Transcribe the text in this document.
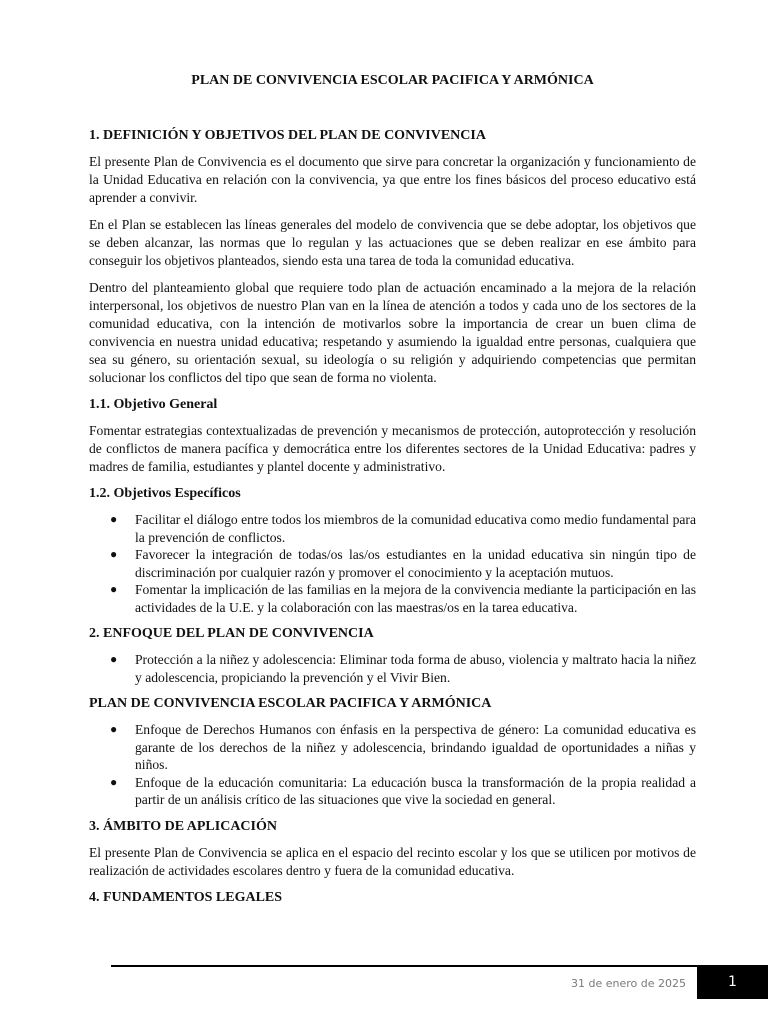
PLAN DE CONVIVENCIA ESCOLAR PACIFICA Y ARMÓNICA
1. DEFINICIÓN Y OBJETIVOS DEL PLAN DE CONVIVENCIA

El presente Plan de Convivencia es el documento que sirve para concretar la organización y funcionamiento de la Unidad Educativa en relación con la convivencia, ya que entre los fines básicos del proceso educativo está aprender a convivir.

En el Plan se establecen las líneas generales del modelo de convivencia que se debe adoptar, los objetivos que se deben alcanzar, las normas que lo regulan y las actuaciones que se deben realizar en ese ámbito para conseguir los objetivos planteados, siendo esta una tarea de toda la comunidad educativa.

Dentro del planteamiento global que requiere todo plan de actuación encaminado a la mejora de la relación interpersonal, los objetivos de nuestro Plan van en la línea de atención a todos y cada uno de los sectores de la comunidad educativa, con la intención de motivarlos sobre la importancia de crear un buen clima de convivencia en nuestra unidad educativa; respetando y asumiendo la igualdad entre personas, cualquiera que sea su género, su orientación sexual, su ideología o su religión y adquiriendo competencias que permitan solucionar los conflictos del tipo que sean de forma no violenta.

1.1. Objetivo General

Fomentar estrategias contextualizadas de prevención y mecanismos de protección, autoprotección y resolución de conflictos de manera pacífica y democrática entre los diferentes sectores de la Unidad Educativa: padres y madres de familia, estudiantes y plantel docente y administrativo.

1.2. Objetivos Específicos
● Facilitar el diálogo entre todos los miembros de la comunidad educativa como medio fundamental para la prevención de conflictos.
● Favorecer la integración de todas/os las/os estudiantes en la unidad educativa sin ningún tipo de discriminación por cualquier razón y promover el conocimiento y la aceptación mutuos.
● Fomentar la implicación de las familias en la mejora de la convivencia mediante la participación en las actividades de la U.E. y la colaboración con las maestras/os en la tarea educativa.
2. ENFOQUE DEL PLAN DE CONVIVENCIA
● Protección a la niñez y adolescencia: Eliminar toda forma de abuso, violencia y maltrato hacia la niñez y adolescencia, propiciando la prevención y el Vivir Bien.
PLAN DE CONVIVENCIA ESCOLAR PACIFICA Y ARMÓNICA
● Enfoque de Derechos Humanos con énfasis en la perspectiva de género: La comunidad educativa es garante de los derechos de la niñez y adolescencia, brindando igualdad de oportunidades a niñas y niños.
● Enfoque de la educación comunitaria: La educación busca la transformación de la propia realidad a partir de un análisis crítico de las situaciones que vive la sociedad en general.
3. ÁMBITO DE APLICACIÓN

El presente Plan de Convivencia se aplica en el espacio del recinto escolar y los que se utilicen por motivos de realización de actividades escolares dentro y fuera de la comunidad educativa.

4. FUNDAMENTOS LEGALES
31 de enero de 2025	1
